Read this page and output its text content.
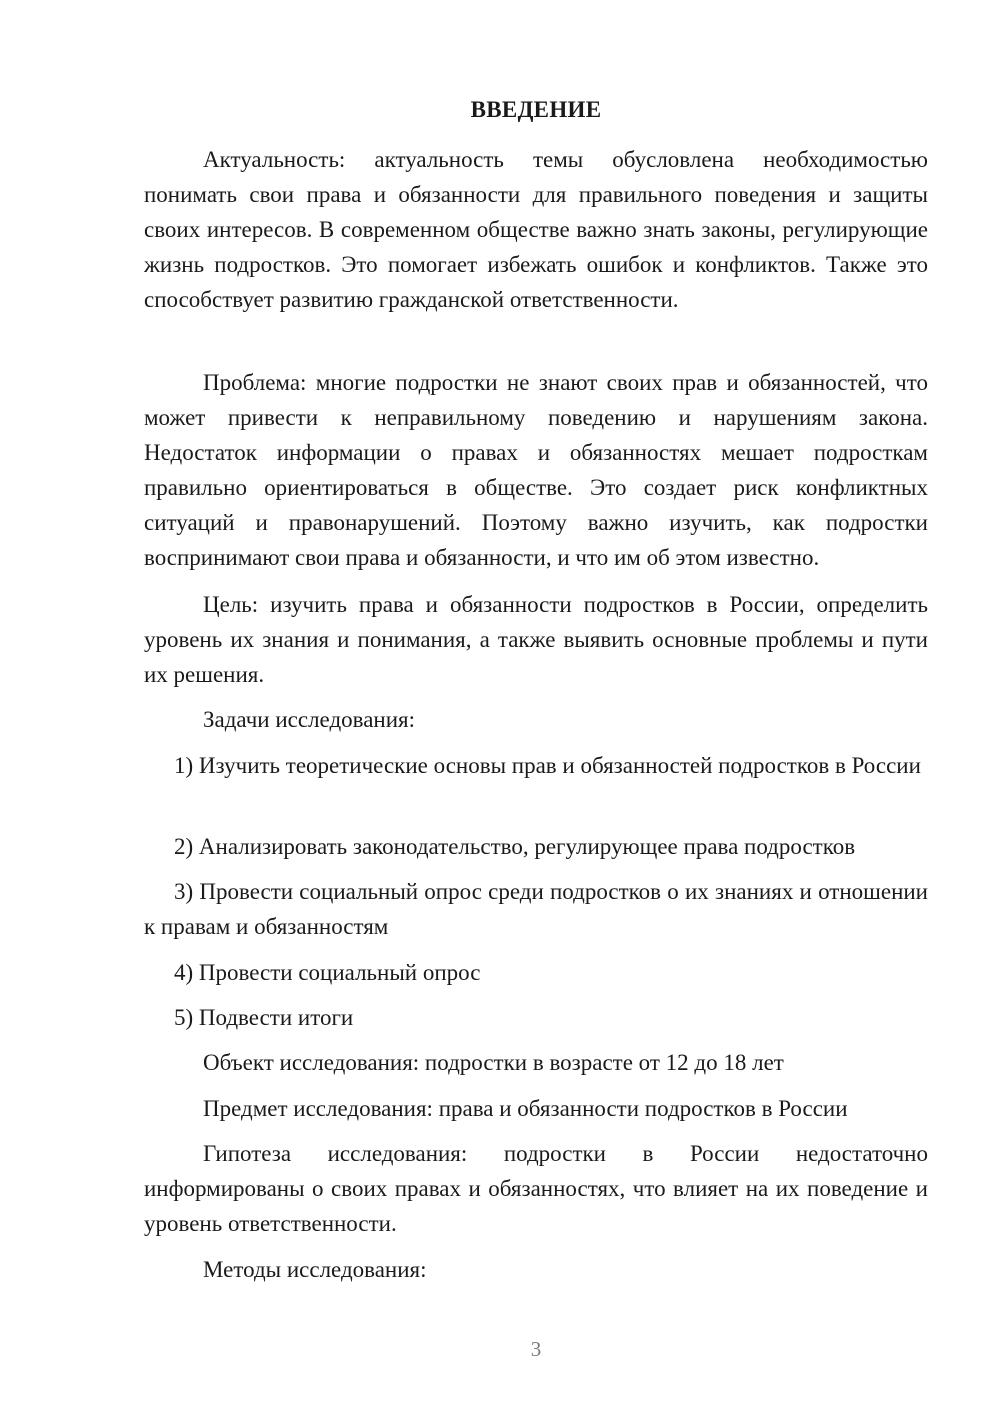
ВВЕДЕНИЕ

Актуальность: актуальность темы обусловлена необходимостью понимать свои права и обязанности для правильного поведения и защиты своих интересов. В современном обществе важно знать законы, регулирующие жизнь подростков. Это помогает избежать ошибок и конфликтов. Также это способствует развитию гражданской ответственности.

Проблема: многие подростки не знают своих прав и обязанностей, что может привести к неправильному поведению и нарушениям закона. Недостаток информации о правах и обязанностях мешает подросткам правильно ориентироваться в обществе. Это создает риск конфликтных ситуаций и правонарушений. Поэтому важно изучить, как подростки воспринимают свои права и обязанности, и что им об этом известно.

Цель: изучить права и обязанности подростков в России, определить уровень их знания и понимания, а также выявить основные проблемы и пути их решения.

Задачи исследования:

1) Изучить теоретические основы прав и обязанностей подростков в России

2) Анализировать законодательство, регулирующее права подростков

3) Провести социальный опрос среди подростков о их знаниях и отношении к правам и обязанностям

4) Провести социальный опрос

5) Подвести итоги

Объект исследования: подростки в возрасте от 12 до 18 лет

Предмет исследования: права и обязанности подростков в России

Гипотеза исследования: подростки в России недостаточно информированы о своих правах и обязанностях, что влияет на их поведение и уровень ответственности.

Методы исследования:

3
